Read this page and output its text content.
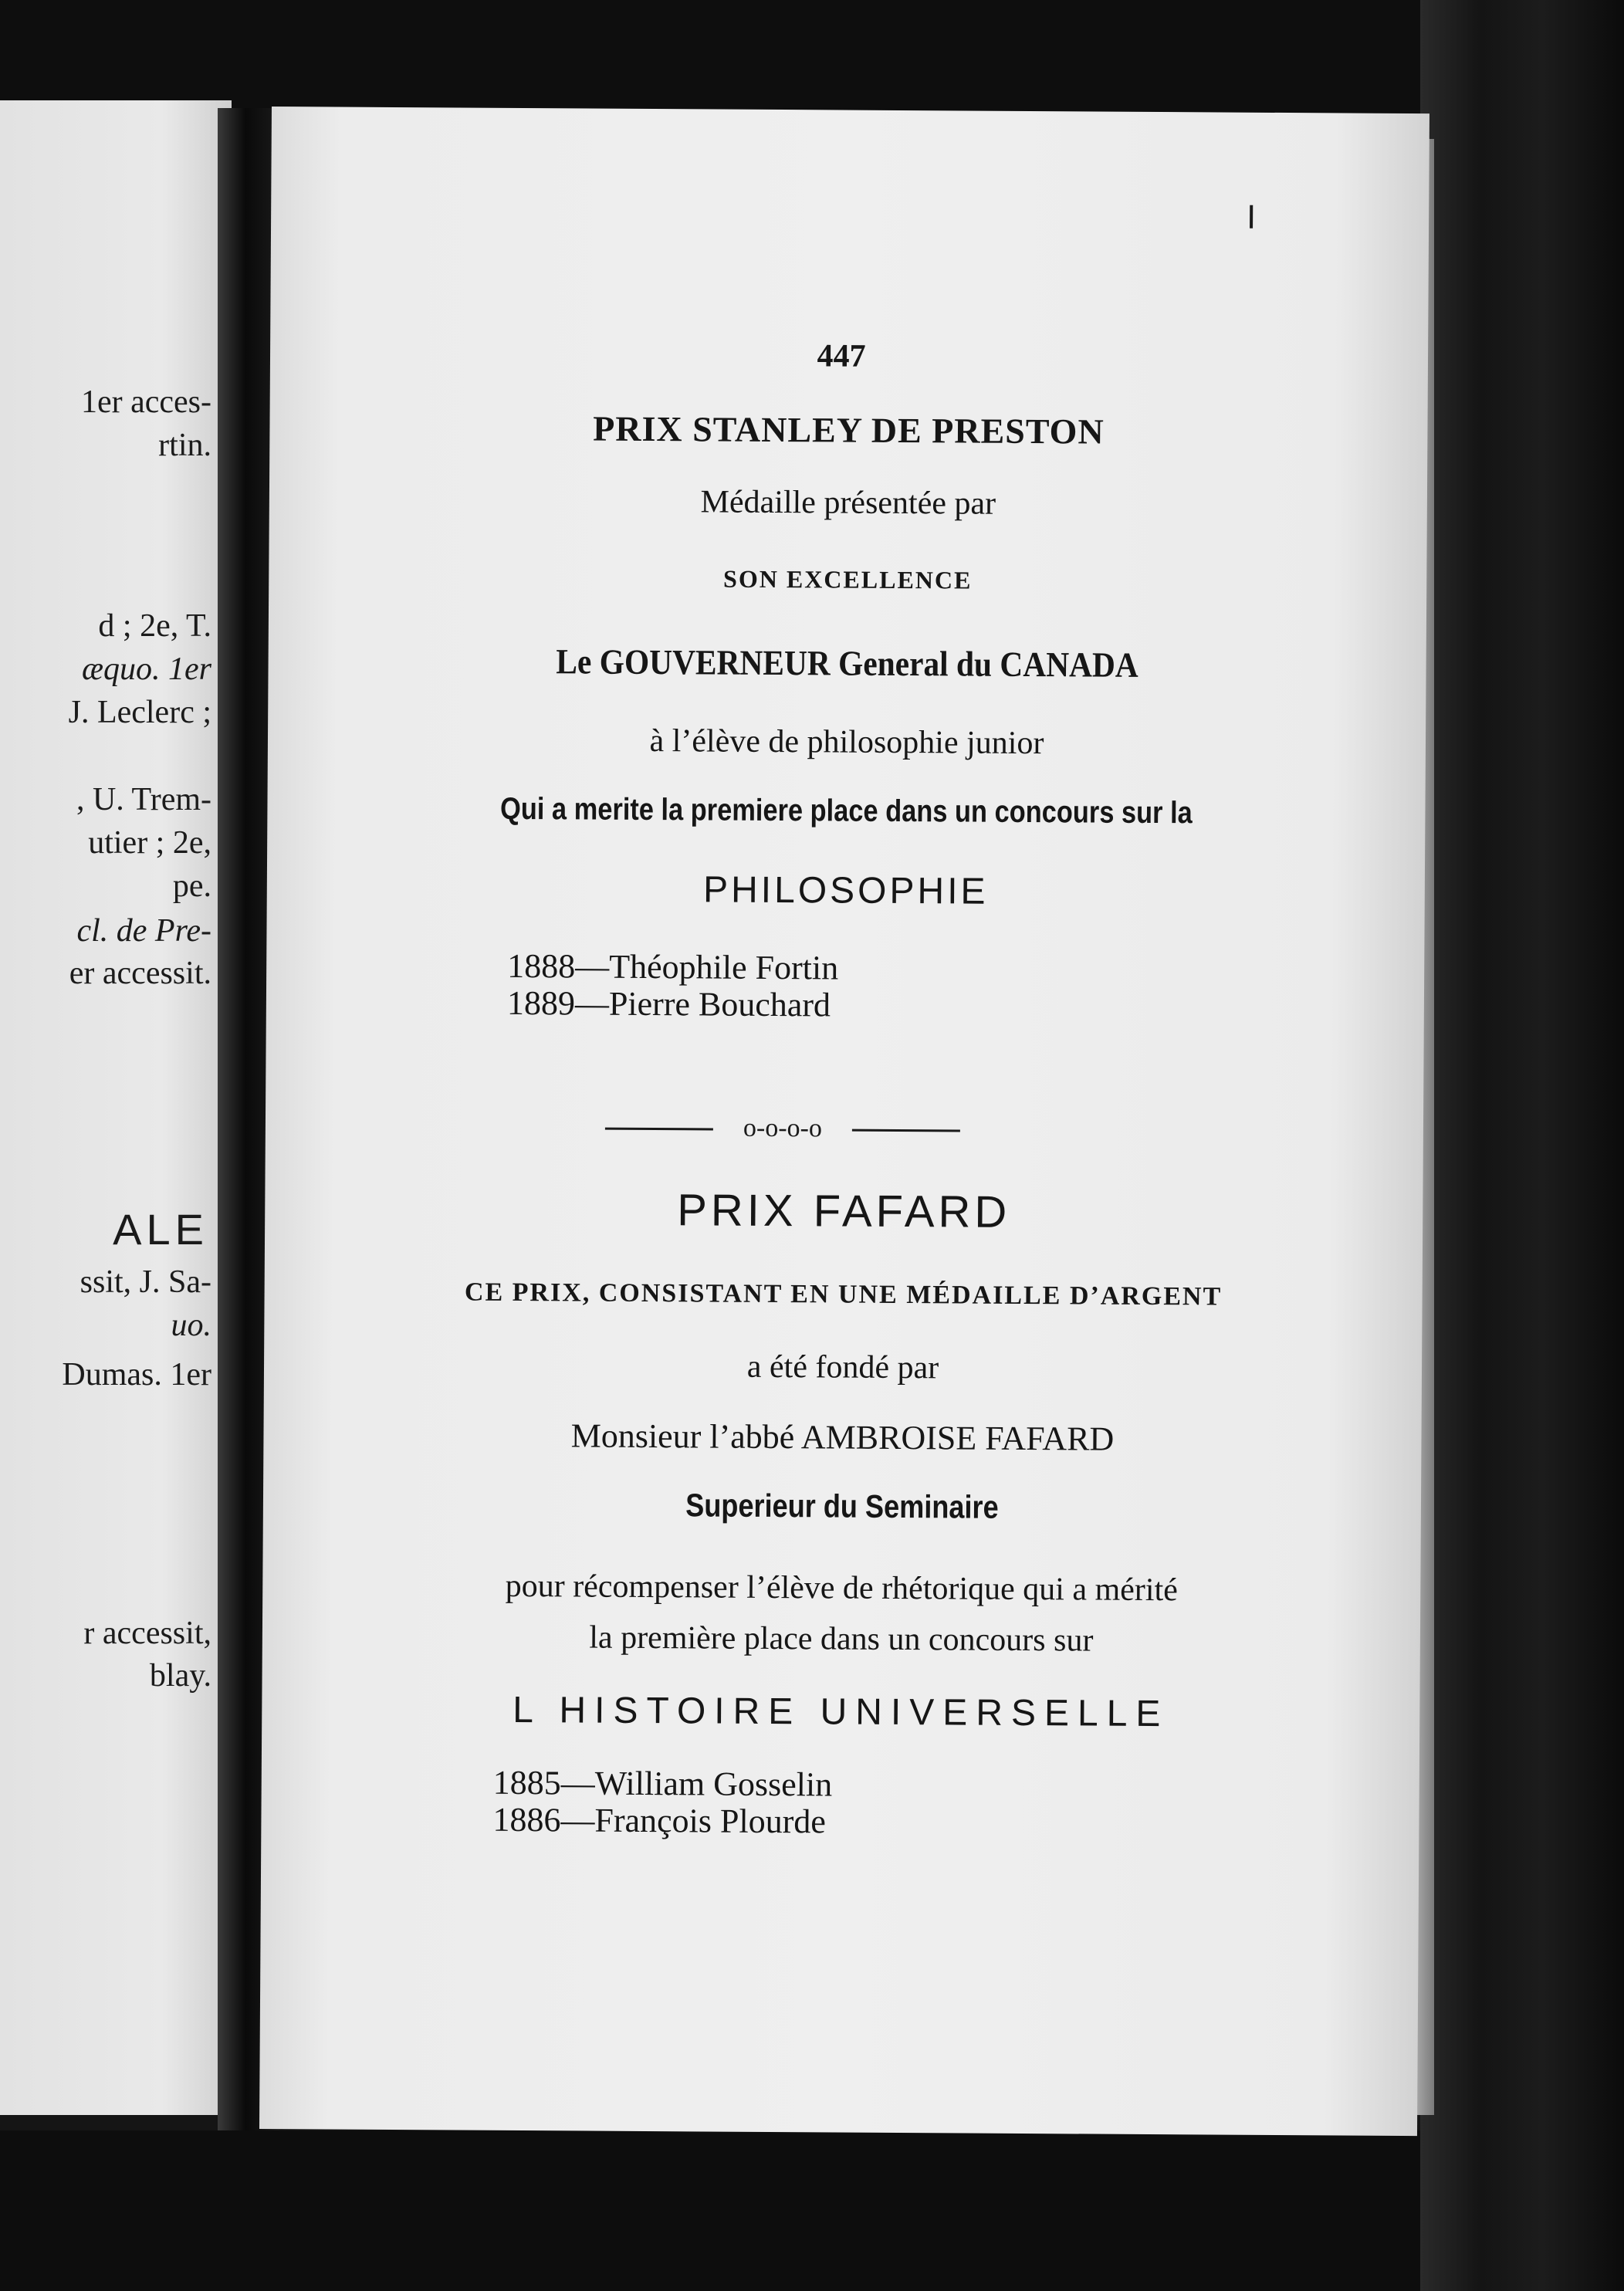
1er acces-
rtin.
d ; 2e, T.
æquo. 1er
J. Leclerc ;
, U. Trem-
utier ; 2e,
pe.
cl. de Pre-
er accessit.
ssit, J. Sa-
uo.
Dumas. 1er
r accessit,
blay.
ALE
447
PRIX STANLEY DE PRESTON
Médaille présentée par
SON EXCELLENCE
Le GOUVERNEUR General du CANADA
à l’élève de philosophie junior
Qui a merite la premiere place dans un concours sur la
PHILOSOPHIE
1888—Théophile Fortin
1889—Pierre Bouchard
o-o-o-o
PRIX FAFARD
CE PRIX, CONSISTANT EN UNE MÉDAILLE D’ARGENT
a été fondé par
Monsieur l’abbé AMBROISE FAFARD
Superieur du Seminaire
pour récompenser l’élève de rhétorique qui a mérité
la première place dans un concours sur
L HISTOIRE UNIVERSELLE
1885—William Gosselin
1886—François Plourde
